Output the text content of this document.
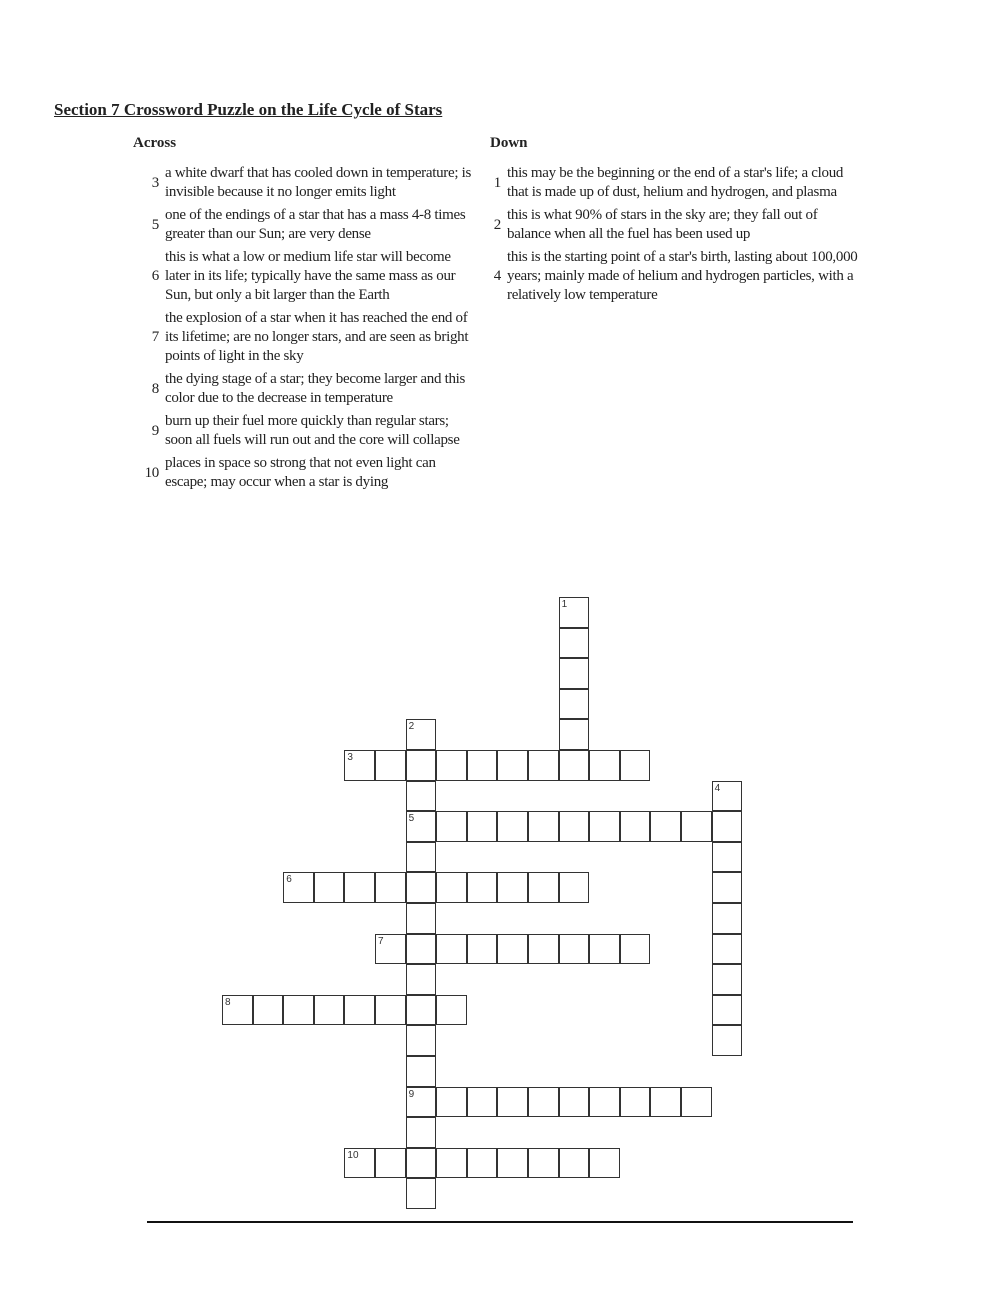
Section 7 Crossword Puzzle on the Life Cycle of Stars
Across
3
a white dwarf that has cooled down in temperature; is invisible because it no longer emits light
5
one of the endings of a star that has a mass 4-8 times greater than our Sun; are very dense
6
this is what a low or medium life star will become later in its life; typically have the same mass as our Sun, but only a bit larger than the Earth
7
the explosion of a star when it has reached the end of its lifetime; are no longer stars, and are seen as bright points of light in the sky
8
the dying stage of a star; they become larger and this color due to the decrease in temperature
9
burn up their fuel more quickly than regular stars; soon all fuels will run out and the core will collapse
10
places in space so strong that not even light can escape; may occur when a star is dying
Down
1
this may be the beginning or the end of a star's life; a cloud that is made up of dust, helium and hydrogen, and plasma
2
this is what 90% of stars in the sky are; they fall out of balance when all the fuel has been used up
4
this is the starting point of a star's birth, lasting about 100,000 years; mainly made of helium and hydrogen particles, with a relatively low temperature
1
2
5
9
3
4
6
7
8
10
